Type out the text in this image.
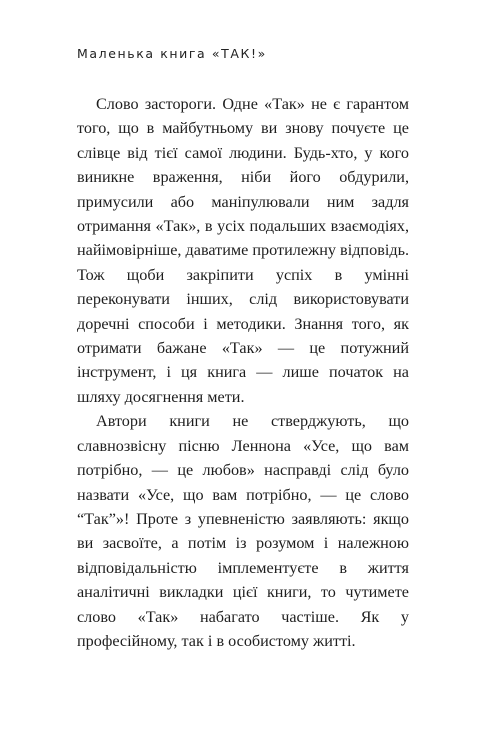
Маленька книга «ТАК!»

Слово застороги. Одне «Так» не є гарантом того, що в майбутньому ви знову почуєте це слівце від тієї самої людини. Будь-хто, у кого виникне враження, ніби його обдурили, примусили або маніпулювали ним задля отримання «Так», в усіх подальших взаємодіях, найімовірніше, даватиме протилежну відповідь. Тож щоби закріпити успіх в умінні переконувати інших, слід використовувати доречні способи і методики. Знання того, як отримати бажане «Так» — це потужний інструмент, і ця книга — лише початок на шляху досягнення мети.

Автори книги не стверджують, що славнозвісну пісню Леннона «Усе, що вам потрібно, — це любов» насправді слід було назвати «Усе, що вам потрібно, — це слово “Так”»! Проте з упевненістю заявляють: якщо ви засвоїте, а потім із розумом і належною відповідальністю імплементуєте в життя аналітичні викладки цієї книги, то чутимете слово «Так» набагато частіше. Як у професійному, так і в особистому житті.
